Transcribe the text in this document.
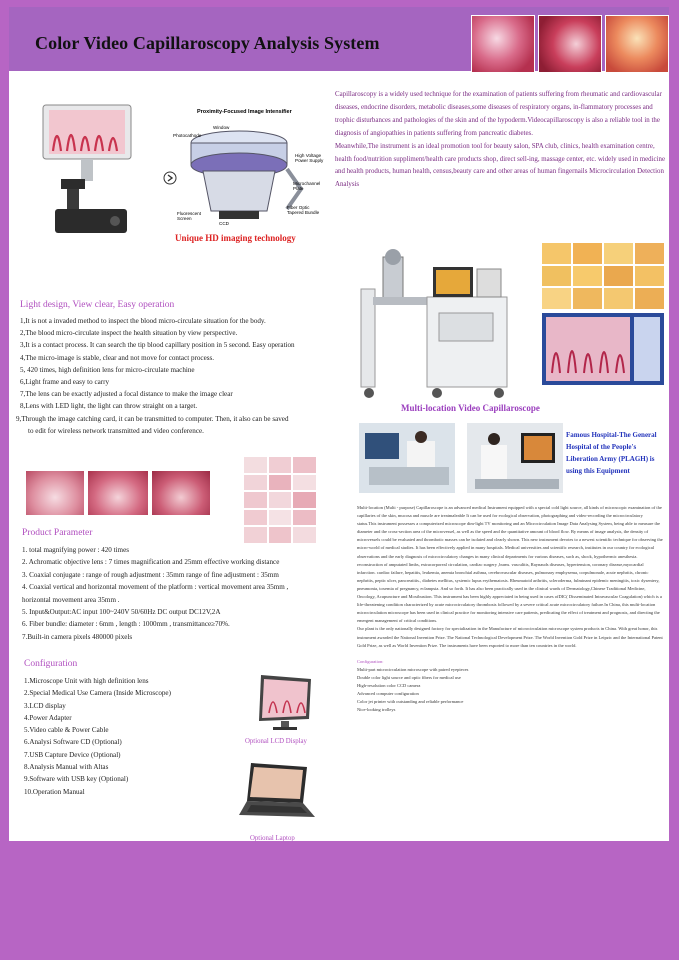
Color Video Capillaroscopy Analysis System

Capillaroscopy is a widely used technique for the examination of patients suffering from rheumatic and cardiovascular diseases, endocrine disorders, metabolic diseases,some diseases of respiratory organs, in-flammatory processes and trophic disturbances and pathologies of the skin and of the hypoderm.Videocapillaroscopy is also a reliable tool in the diagnosis of angiopathies in patients suffering from pancreatic diabetes.

Meanwhile,The instrument is an ideal promotion tool for beauty salon, SPA club, clinics, health examination centre, health food/nutrition suppliment/health care products shop, direct sell-ing, massage center, etc. widely used in medicine and health products, human health, census,beauty care and other areas of human fingernails Microcirculation Detection Analysis

Proximity-Focused Image Intensifier
Photocathode
Window
High Voltage Power Supply
Microchannel Plate
Fiber Optic Tapered Bundle
Fluorescent Screen
CCD
Unique HD imaging technology
Multi-location Video Capillaroscope
Famous Hospital-The General Hospital of the People's Liberation Army (PLAGH) is using this Equipment
Light design, View clear, Easy operation
1,It is not a invaded method to inspect the blood micro-circulate situation for the body.
2,The blood micro-circulate inspect the health situation by view perspective.
3,It is a contact process. It can search the tip blood capillary position in 5 second. Easy operation
4,The micro-image is stable, clear and not move for contact process.
5, 420 times, high definition lens for micro-circulate machine
6,Light frame and easy to carry
7,The lens can be exactly adjusted a focal distance to make the image clear
8,Lens with LED light, the light can throw straight on a target.
9,Through the image catching card, it can be transmitted to computer. Then, it also can be saved
to edit for wireless network transmitted and video conference.
Product Parameter
1. total magnifying power : 420 times
2. Achromatic objective lens : 7 times magnification and 25mm effective working distance
3. Coaxial conjugate : range of rough adjustment : 35mm range of fine adjustment : 35mm
4. Coaxial vertical and horizontal movement of the platform : vertical movement area 35mm ,
horizontal movement area 35mm .
5. Input&Output:AC input 100~240V 50/60Hz DC output DC12V,2A
6. Fiber bundle: diameter : 6mm , length : 1000mm , transmittance≥70%.
7.Built-in camera pixels 480000 pixels
Configuration
1.Microscope Unit with high definition lens
2.Special Medical Use Camera (Inside Microscope)
3.LCD display
4.Power Adapter
5.Video cable & Power Cable
6.Analysi Software CD (Optional)
7.USB Capture Device (Optional)
8.Analysis Manual with Altas
9.Software with USB key (Optional)
10.Operation Manual
Optional LCD Display
Optional Laptop

Multi-location (Multi - purpose) Capillaroscope is an advanced medical Instrument equipped with a special cold light source, all kinds of microscopic examination of the capillaries of the skin, mucosa and muscle are treatmaleable It can be used for ecological observation, photographing and video-recording the microcirculatory status.This instrument possesses a computerized microscope dim-light TV monitoring and an Microcirculation Image Data Analysing System, being able to measure the diameter and the cross-section area of the microvessel, as well as the speed and the quantitative amount of blood flow. By means of image analysis, the density of microvessels could be evaluated and thrombotic masses can be isolated and clearly shown. This new instrument devotes to a newest scientific technique for observing the micro-world of medical studies. It has been effectively applied in many hospitals. Medical universities and scientific research, institutes in our country for ecological observations and the early diagnosis of microcirculatory changes in many clinical departments for various diseases, such as, shock, hypothermic anesthesia. reconstruction of amputated limbs, extracorporeal circulation, cardiac surgery ,burns. vasculitis, Raynauds diseases, hypertension, coronary disease,myocardial infarction. cardiac failure, hepatitis, leukemia, anemia bronchial asthma, cerebrovascular diseases, pulmonary emphysema, corpulmonale, acute nephritis, chronic nephritis, peptic ulcer, pancreatitis., diabetes mellitus, systemic lupus erythematosis. Rheumatoid arthritis, scleroderma, fulminant epidemic meningitis, toxic dysentery, pneumonia, toxemia of pregnancy, eclampsia. And so forth. It has also been practically used in the clinical wards of Dermatology,Chinese Traditional Medicine, Oncology, Acupuncture and Moxibustion. This instrument has been highly appreciated in being used in cases ofDIC( Disseminated Intravascular Coagulation) which is a life-threatening condition characterized by acute microcirculatory thrombosis followed by a severe critical acute microcirculatory failure.In China, this multi-location microcirculation microscope has been used in clinical practice for monitoring intensive care patients, predicating the effect of treatment and prognosis, and directing the emergent management of critical conditions.

Our plant is the only nationally designed factory for specialization in the Manufacture of microcirculation microscope system products in China. With great honor, this instrument awarded the National Invention Prize. The National Technological Development Prize. The World Invention Gold Prize in Leipzic and the International Patent Gold Prize, as well as World Invention Prize. The instruments have been exported to more than ten countries in the world.

Configuration:
Multi-part microcirculation microscope with paired eyepieces
Double color light source and optic fibers for medical use
High-resolution color CCD camera
Advanced computer configuration
Color jet printer with outstanding and reliable performance
Nice-looking trolleys
